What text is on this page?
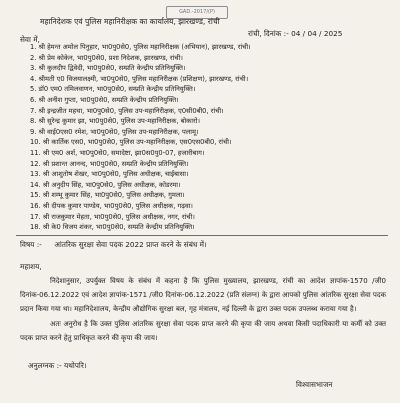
GAD.-2017/(P)
महानिदेशक एवं पुलिस महानिरीक्षक का कार्यालय, झारखण्ड, रांची
रांची, दिनांक :- 04 / 04 / 2025
सेवा में,
1. श्री हेमन्त अमोल पिनुहार, भा0पु0से0, पुलिस महानिरीक्षक (अभियान), झारखण्ड, रांची।
2. श्री प्रेम कोकेन, भा0पु0से0, प्रशा निदेशक, झारखण्ड, रांची।
3. श्री कुलदीप द्विवेदी, भा0पु0से0, सम्प्रति केन्द्रीय प्रतिनियुक्ति।
4. श्रीमती ए0 विजयालक्ष्मी, भा0पु0से0, पुलिस महानिरीक्षक (प्रशिक्षण), झारखण्ड, रांची।
5. डॉ0 एम0 तमिलवाणन, भा0पु0से0, सम्प्रति केन्द्रीय प्रतिनियुक्ति।
6. श्री अनीश गुप्ता, भा0पु0से0, सम्प्रति केन्द्रीय प्रतिनियुक्ति।
7. श्री इन्द्रजीत महथा, भा0पु0से0, पुलिस उप-महानिरीक्षक, ए0सी0बी0, रांची।
8. श्री सुरेन्द्र कुमार झा, भा0पु0से0, पुलिस उप-महानिरीक्षक, बोकारो।
9. श्री वाई0एस0 रमेश, भा0पु0से0, पुलिस उप-महानिरीक्षक, पलामू।
10. श्री कार्तिक एस0, भा0पु0से0, पुलिस उप-महानिरीक्षक, एस0एस0बी0, रांची।
11. श्री एम0 अर्श, भा0पु0से0, समादेष्टा, झा0स0पु0-07, हजारीबाग।
12. श्री प्रशान्त आनन्द, भा0पु0से0, सम्प्रति केन्द्रीय प्रतिनियुक्ति।
13. श्री आशुतोष शेखर, भा0पु0से0, पुलिस अधीक्षक, चाईबासा।
14. श्री अनुदीप सिंह, भा0पु0से0, पुलिस अधीक्षक, कोडरमा।
15. श्री शम्भू कुमार सिंह, भा0पु0से0, पुलिस अधीक्षक, गुमला।
16. श्री दीपक कुमार पाण्डेय, भा0पु0से0, पुलिस अधीक्षक, गढ़वा।
17. श्री राजकुमार मेहता, भा0पु0से0, पुलिस अधीक्षक, नगर, रांची।
18. श्री के0 विजय शंकर, भा0पु0से0, सम्प्रति केन्द्रीय प्रतिनियुक्ति।
विषय :- आंतरिक सुरक्षा सेवा पदक 2022 प्राप्त करने के संबंध में।
महाशय,

निदेशानुसार, उपर्युक्त विषय के संबंध में कहना है कि पुलिस मुख्यालय, झारखण्ड, रांची का आदेश ज्ञापांक-1570 /जी0 दिनांक-06.12.2022 एवं आदेश ज्ञापांक-1571 /जी0 दिनांक-06.12.2022 (प्रति संलग्न) के द्वारा आपको पुलिस आंतरिक सुरक्षा सेवा पदक प्रदान किया गया था। महानिदेशालय, केन्द्रीय औद्योगिक सुरक्षा बल, गृह मंत्रालय, नई दिल्ली के द्वारा उक्त पदक उपलब्ध कराया गया है।

अतः अनुरोध है कि उक्त पुलिस आंतरिक सुरक्षा सेवा पदक प्राप्त करने की कृपा की जाय अथवा किसी पदाधिकारी या कर्मी को उक्त पदक प्राप्त करने हेतु प्राधिकृत करने की कृपा की जाय।

अनुलग्नक :- यथोपरि।
विश्वासभाजन
